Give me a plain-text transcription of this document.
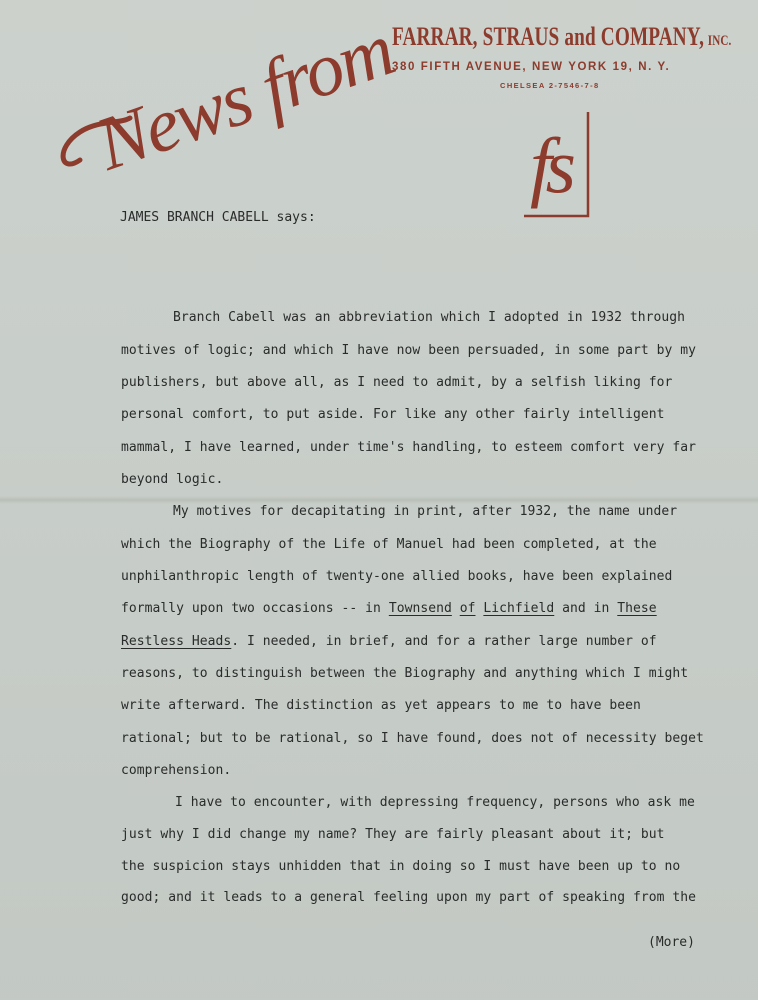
News from
FARRAR, STRAUS and COMPANY, INC.
380 FIFTH AVENUE, NEW YORK 19, N. Y.
CHELSEA 2-7546-7-8
fs
JAMES BRANCH CABELL says:
Branch Cabell was an abbreviation which I adopted in 1932 through
motives of logic; and which I have now been persuaded, in some part by my
publishers, but above all, as I need to admit, by a selfish liking for
personal comfort, to put aside. For like any other fairly intelligent
mammal, I have learned, under time's handling, to esteem comfort very far
beyond logic.
My motives for decapitating in print, after 1932, the name under
which the Biography of the Life of Manuel had been completed, at the
unphilanthropic length of twenty-one allied books, have been explained
formally upon two occasions -- in Townsend of Lichfield and in These
Restless Heads. I needed, in brief, and for a rather large number of
reasons, to distinguish between the Biography and anything which I might
write afterward. The distinction as yet appears to me to have been
rational; but to be rational, so I have found, does not of necessity beget
comprehension.
I have to encounter, with depressing frequency, persons who ask me
just why I did change my name? They are fairly pleasant about it; but
the suspicion stays unhidden that in doing so I must have been up to no
good; and it leads to a general feeling upon my part of speaking from the
(More)
